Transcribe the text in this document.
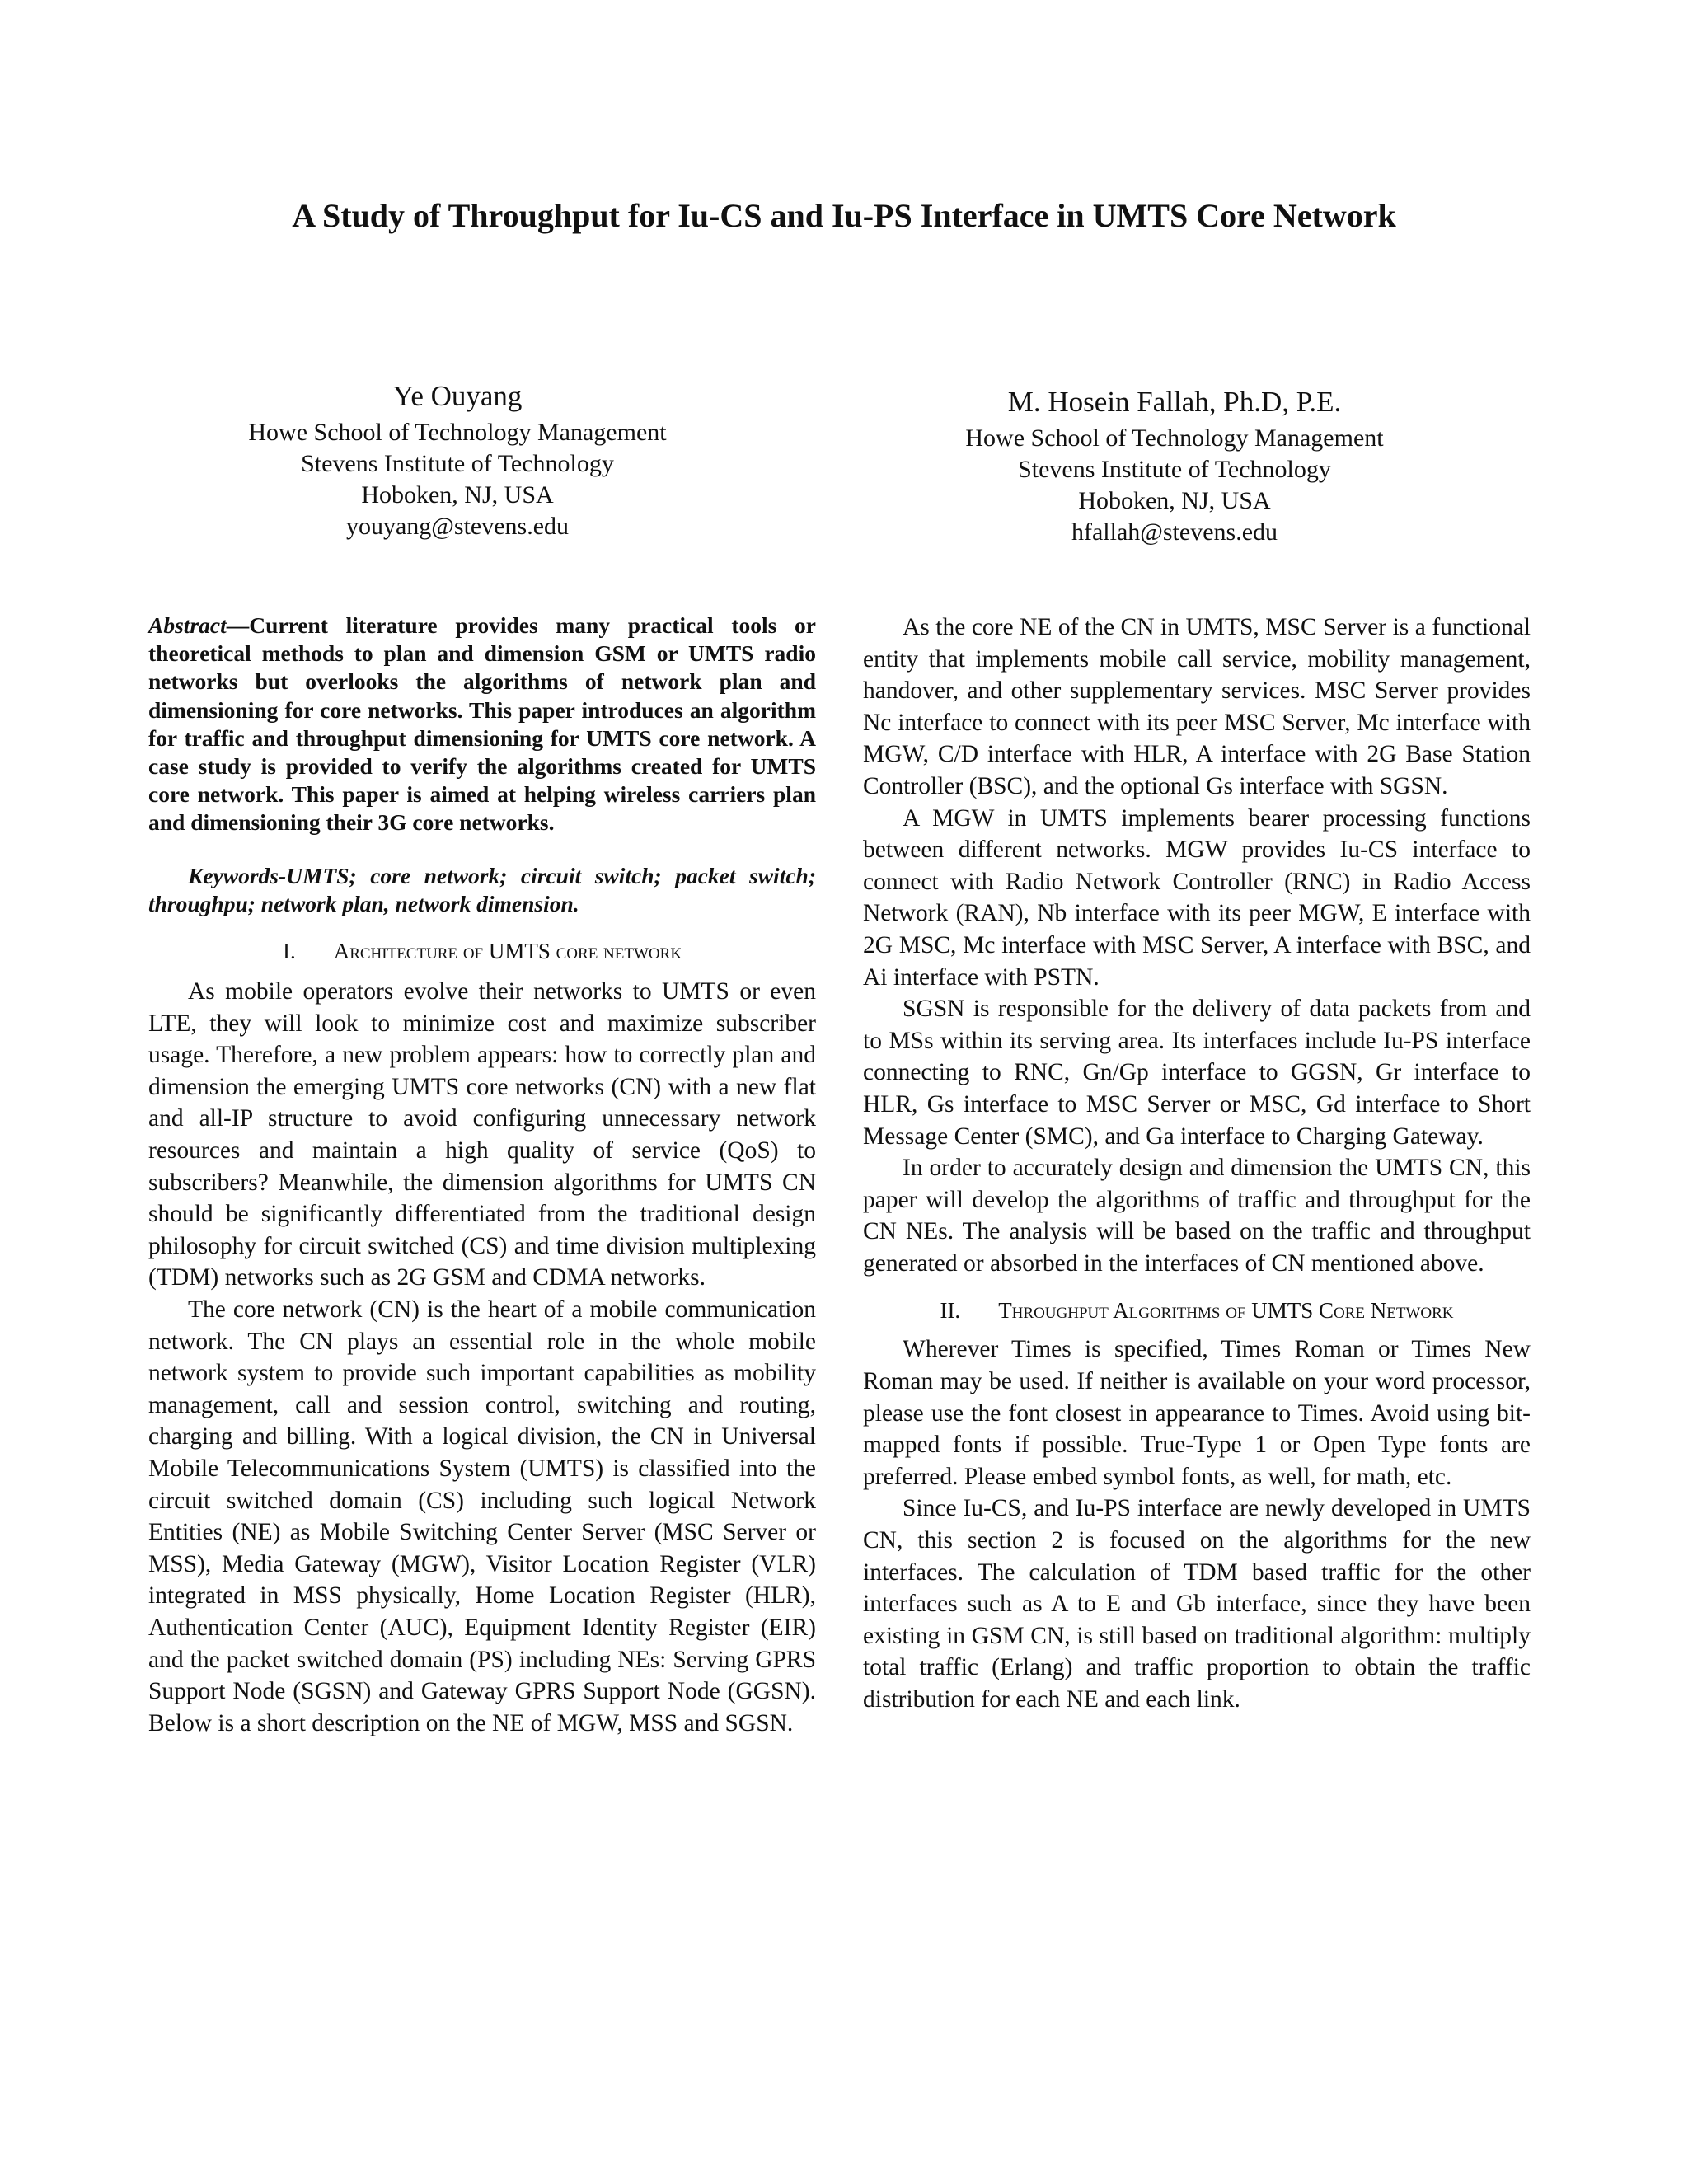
A Study of Throughput for Iu-CS and Iu-PS Interface in UMTS Core Network
Ye Ouyang
Howe School of Technology Management
Stevens Institute of Technology
Hoboken, NJ, USA
youyang@stevens.edu
M. Hosein Fallah, Ph.D, P.E.
Howe School of Technology Management
Stevens Institute of Technology
Hoboken, NJ, USA
hfallah@stevens.edu

Abstract—Current literature provides many practical tools or theoretical methods to plan and dimension GSM or UMTS radio networks but overlooks the algorithms of network plan and dimensioning for core networks. This paper introduces an algorithm for traffic and throughput dimensioning for UMTS core network. A case study is provided to verify the algorithms created for UMTS core network. This paper is aimed at helping wireless carriers plan and dimensioning their 3G core networks.

Keywords-UMTS; core network; circuit switch; packet switch; throughpu; network plan, network dimension.

I. Architecture of UMTS core network

As mobile operators evolve their networks to UMTS or even LTE, they will look to minimize cost and maximize subscriber usage. Therefore, a new problem appears: how to correctly plan and dimension the emerging UMTS core networks (CN) with a new flat and all-IP structure to avoid configuring unnecessary network resources and maintain a high quality of service (QoS) to subscribers? Meanwhile, the dimension algorithms for UMTS CN should be significantly differentiated from the traditional design philosophy for circuit switched (CS) and time division multiplexing (TDM) networks such as 2G GSM and CDMA networks.

The core network (CN) is the heart of a mobile communication network. The CN plays an essential role in the whole mobile network system to provide such important capabilities as mobility management, call and session control, switching and routing, charging and billing. With a logical division, the CN in Universal Mobile Telecommunications System (UMTS) is classified into the circuit switched domain (CS) including such logical Network Entities (NE) as Mobile Switching Center Server (MSC Server or MSS), Media Gateway (MGW), Visitor Location Register (VLR) integrated in MSS physically, Home Location Register (HLR), Authentication Center (AUC), Equipment Identity Register (EIR) and the packet switched domain (PS) including NEs: Serving GPRS Support Node (SGSN) and Gateway GPRS Support Node (GGSN). Below is a short description on the NE of MGW, MSS and SGSN.

As the core NE of the CN in UMTS, MSC Server is a functional entity that implements mobile call service, mobility management, handover, and other supplementary services. MSC Server provides Nc interface to connect with its peer MSC Server, Mc interface with MGW, C/D interface with HLR, A interface with 2G Base Station Controller (BSC), and the optional Gs interface with SGSN.

A MGW in UMTS implements bearer processing functions between different networks. MGW provides Iu-CS interface to connect with Radio Network Controller (RNC) in Radio Access Network (RAN), Nb interface with its peer MGW, E interface with 2G MSC, Mc interface with MSC Server, A interface with BSC, and Ai interface with PSTN.

SGSN is responsible for the delivery of data packets from and to MSs within its serving area. Its interfaces include Iu-PS interface connecting to RNC, Gn/Gp interface to GGSN, Gr interface to HLR, Gs interface to MSC Server or MSC, Gd interface to Short Message Center (SMC), and Ga interface to Charging Gateway.

In order to accurately design and dimension the UMTS CN, this paper will develop the algorithms of traffic and throughput for the CN NEs. The analysis will be based on the traffic and throughput generated or absorbed in the interfaces of CN mentioned above.

II. Throughput Algorithms of UMTS Core Network

Wherever Times is specified, Times Roman or Times New Roman may be used. If neither is available on your word processor, please use the font closest in appearance to Times. Avoid using bit-mapped fonts if possible. True-Type 1 or Open Type fonts are preferred. Please embed symbol fonts, as well, for math, etc.

Since Iu-CS, and Iu-PS interface are newly developed in UMTS CN, this section 2 is focused on the algorithms for the new interfaces. The calculation of TDM based traffic for the other interfaces such as A to E and Gb interface, since they have been existing in GSM CN, is still based on traditional algorithm: multiply total traffic (Erlang) and traffic proportion to obtain the traffic distribution for each NE and each link.
